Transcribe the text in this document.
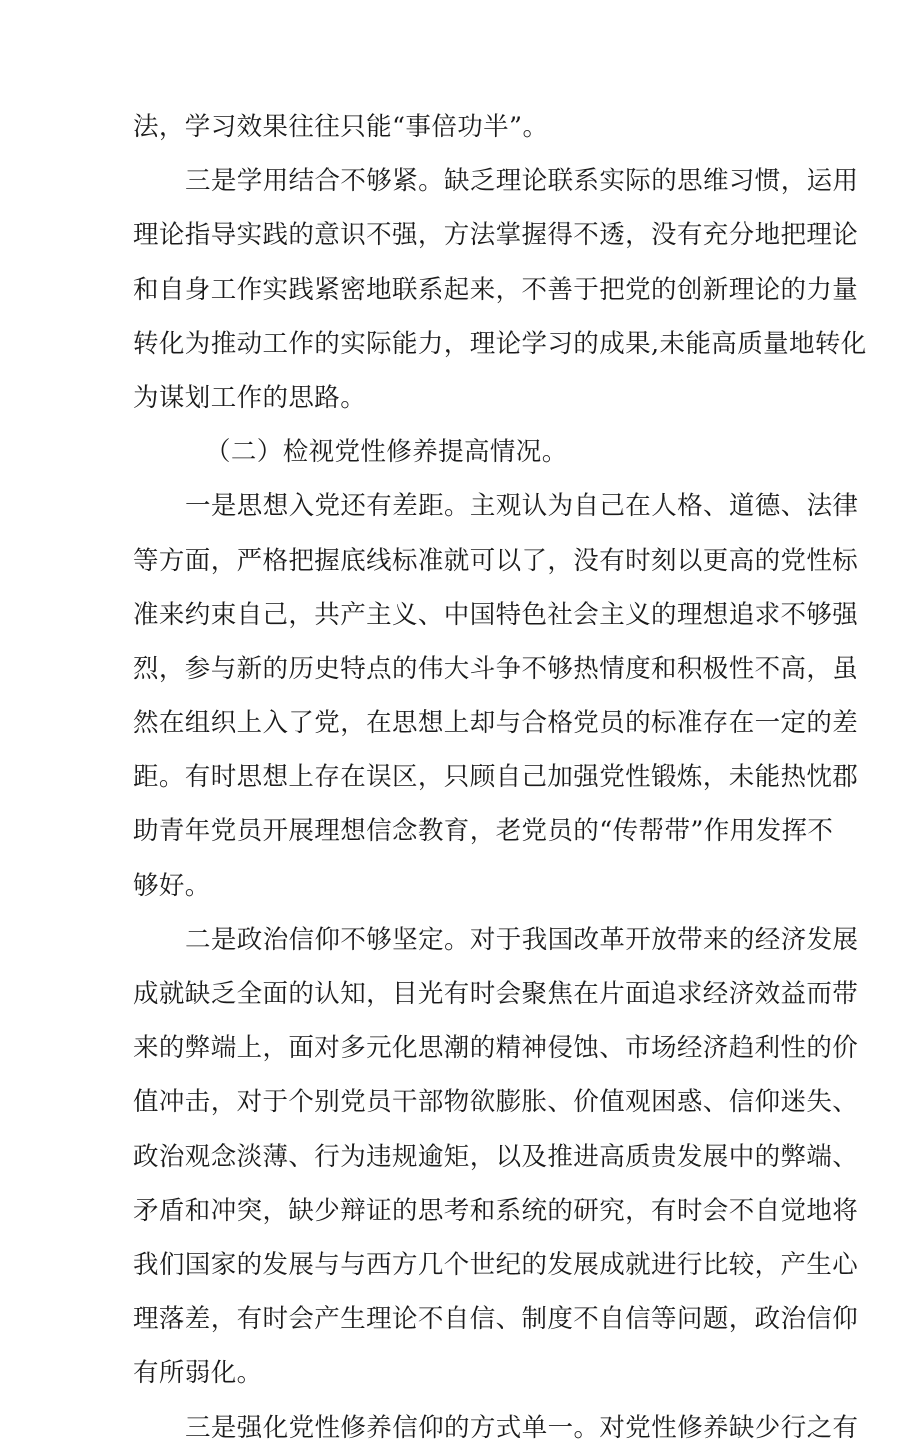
法，学习效果往往只能“事倍功半”。
三是学用结合不够紧。缺乏理论联系实际的思维习惯，运用
理论指导实践的意识不强，方法掌握得不透，没有充分地把理论
和自身工作实践紧密地联系起来，不善于把党的创新理论的力量
转化为推动工作的实际能力，理论学习的成果,未能高质量地转化
为谋划工作的思路。
（二）检视党性修养提高情况。
一是思想入党还有差距。主观认为自己在人格、道德、法律
等方面，严格把握底线标准就可以了，没有时刻以更高的党性标
准来约束自己，共产主义、中国特色社会主义的理想追求不够强
烈，参与新的历史特点的伟大斗争不够热情度和积极性不高，虽
然在组织上入了党，在思想上却与合格党员的标准存在一定的差
距。有时思想上存在误区，只顾自己加强党性锻炼，未能热忱郡
助青年党员开展理想信念教育，老党员的“传帮带”作用发挥不
够好。
二是政治信仰不够坚定。对于我国改革开放带来的经济发展
成就缺乏全面的认知，目光有时会聚焦在片面追求经济效益而带
来的弊端上，面对多元化思潮的精神侵蚀、市场经济趋利性的价
值冲击，对于个别党员干部物欲膨胀、价值观困惑、信仰迷失、
政治观念淡薄、行为违规逾矩，以及推进高质贵发展中的弊端、
矛盾和冲突，缺少辩证的思考和系统的研究，有时会不自觉地将
我们国家的发展与与西方几个世纪的发展成就进行比较，产生心
理落差，有时会产生理论不自信、制度不自信等问题，政治信仰
有所弱化。
三是强化党性修养信仰的方式单一。对党性修养缺少行之有
